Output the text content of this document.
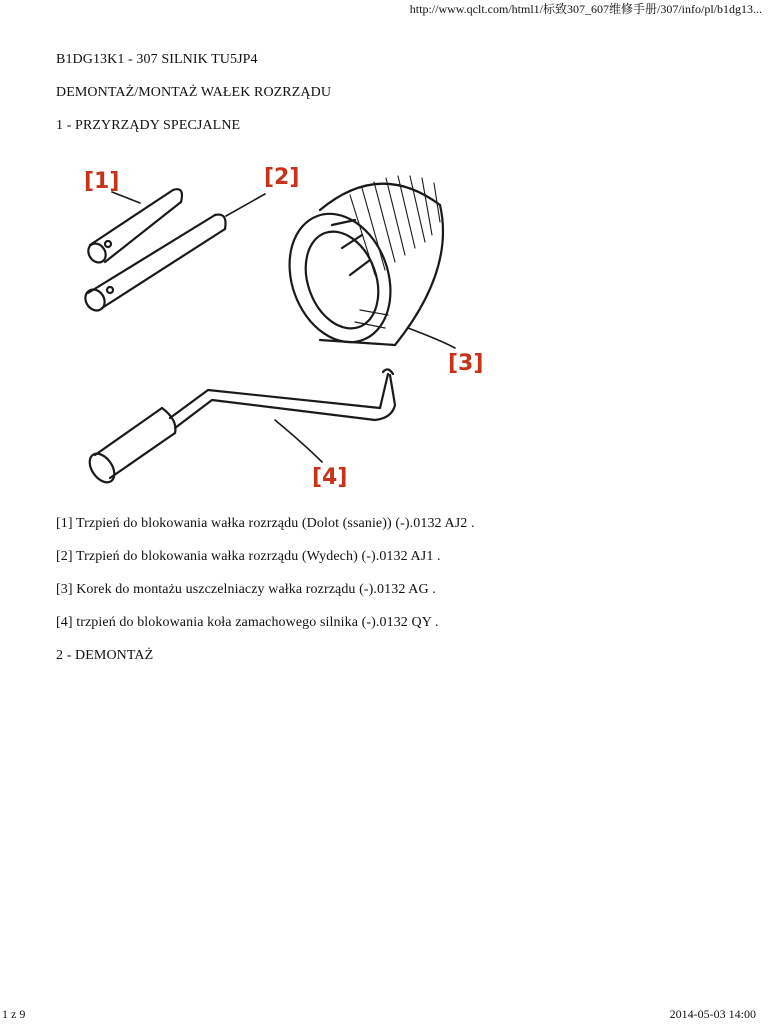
http://www.qclt.com/html1/标致307_607维修手册/307/info/pl/b1dg13...
B1DG13K1 - 307 SILNIK TU5JP4
DEMONTAŻ/MONTAŻ WAŁEK ROZRZĄDU
1 - PRZYRZĄDY SPECJALNE
[1]	[2]
[3]
[4]
[1] Trzpień do blokowania wałka rozrządu (Dolot (ssanie)) (-).0132 AJ2 .
[2] Trzpień do blokowania wałka rozrządu (Wydech) (-).0132 AJ1 .
[3] Korek do montażu uszczelniaczy wałka rozrządu (-).0132 AG .
[4] trzpień do blokowania koła zamachowego silnika (-).0132 QY .
2 - DEMONTAŻ
1 z 9	2014-05-03 14:00
